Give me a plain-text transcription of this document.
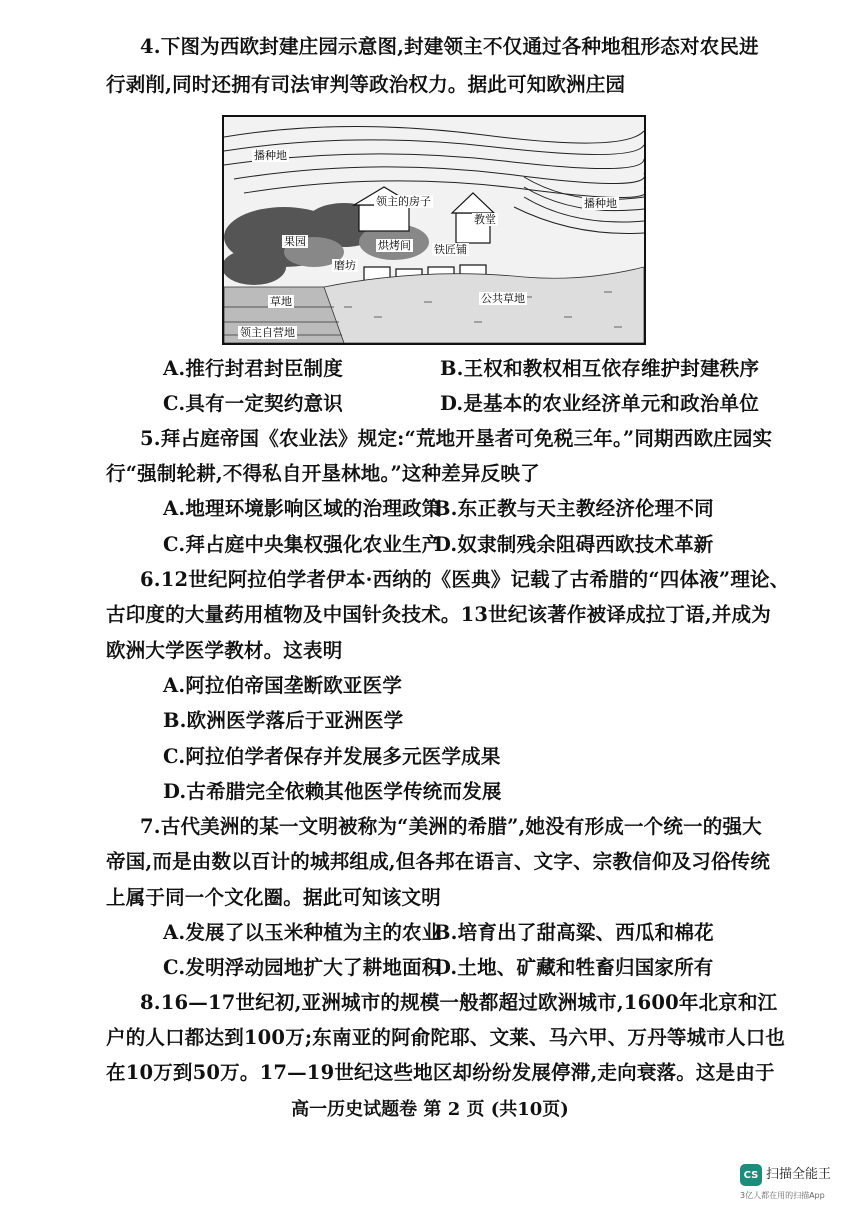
4.下图为西欧封建庄园示意图,封建领主不仅通过各种地租形态对农民进
行剥削,同时还拥有司法审判等政治权力。据此可知欧洲庄园
播种地
播种地
领主的房子
教堂
果园	烘烤间
磨坊
铁匠铺
草地	公共草地
领主自营地
A.推行封君封臣制度	B.王权和教权相互依存维护封建秩序
C.具有一定契约意识	D.是基本的农业经济单元和政治单位
5.拜占庭帝国《农业法》规定:“荒地开垦者可免税三年。”同期西欧庄园实
行“强制轮耕,不得私自开垦林地。”这种差异反映了
A.地理环境影响区域的治理政策
B.东正教与天主教经济伦理不同
C.拜占庭中央集权强化农业生产
D.奴隶制残余阻碍西欧技术革新
6.12世纪阿拉伯学者伊本·西纳的《医典》记载了古希腊的“四体液”理论、
古印度的大量药用植物及中国针灸技术。13世纪该著作被译成拉丁语,并成为
欧洲大学医学教材。这表明
A.阿拉伯帝国垄断欧亚医学
B.欧洲医学落后于亚洲医学
C.阿拉伯学者保存并发展多元医学成果
D.古希腊完全依赖其他医学传统而发展
7.古代美洲的某一文明被称为“美洲的希腊”,她没有形成一个统一的强大
帝国,而是由数以百计的城邦组成,但各邦在语言、文字、宗教信仰及习俗传统
上属于同一个文化圈。据此可知该文明
A.发展了以玉米种植为主的农业
B.培育出了甜高粱、西瓜和棉花
C.发明浮动园地扩大了耕地面积
D.土地、矿藏和牲畜归国家所有
8.16—17世纪初,亚洲城市的规模一般都超过欧洲城市,1600年北京和江
户的人口都达到100万;东南亚的阿俞陀耶、文莱、马六甲、万丹等城市人口也
在10万到50万。17—19世纪这些地区却纷纷发展停滞,走向衰落。这是由于
高一历史试题卷 第 2 页 (共10页)
CS 扫描全能王
3亿人都在用的扫描App
